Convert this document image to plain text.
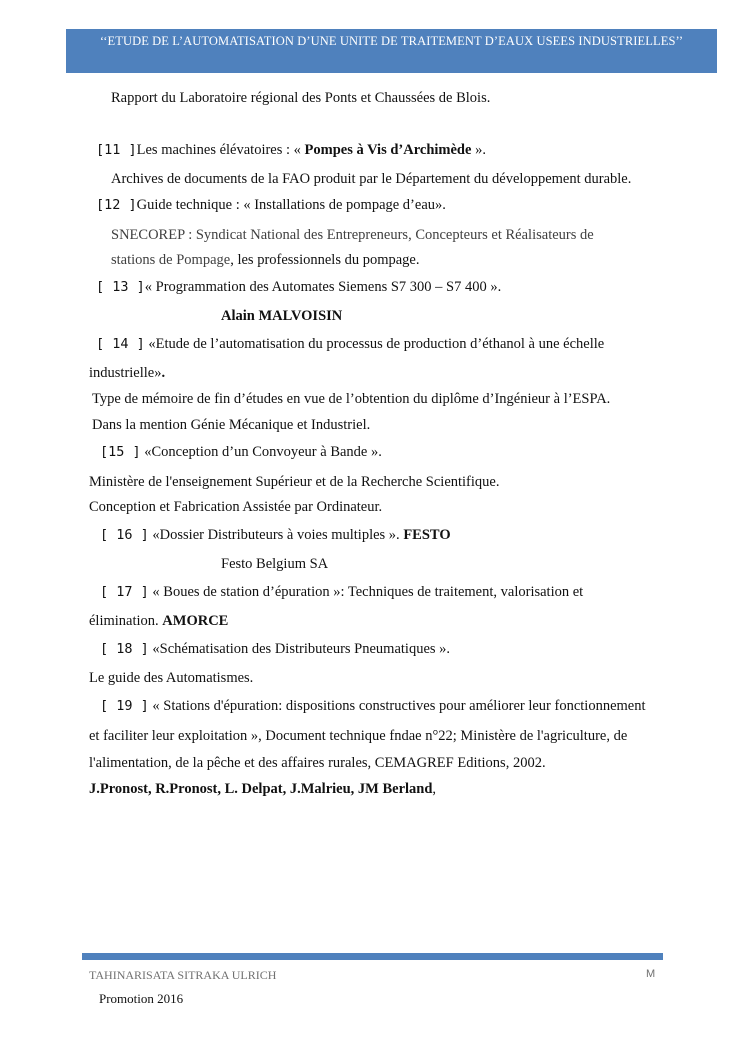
‘‘ETUDE DE L’AUTOMATISATION D’UNE UNITE DE TRAITEMENT D’EAUX USEES INDUSTRIELLES’’
Rapport du Laboratoire régional des Ponts et Chaussées de Blois.
[11 ]Les machines élévatoires : « Pompes à Vis d’Archimède ».
Archives de documents de la FAO produit par le Département du développement durable.
[12 ]Guide technique : « Installations de pompage d’eau».
SNECOREP : Syndicat National des Entrepreneurs, Concepteurs et Réalisateurs de
stations de Pompage, les professionnels du pompage.
[ 13 ]« Programmation des Automates Siemens S7 300 – S7 400 ».
Alain MALVOISIN
[ 14 ] «Etude de l’automatisation du processus de production d’éthanol à une échelle
industrielle».
Type de mémoire de fin d’études en vue de l’obtention du diplôme d’Ingénieur à l’ESPA.
Dans la mention Génie Mécanique et Industriel.
[15 ] «Conception d’un Convoyeur à Bande ».
Ministère de l'enseignement Supérieur et de la Recherche Scientifique.
Conception et Fabrication Assistée par Ordinateur.
[ 16 ] «Dossier Distributeurs à voies multiples ». FESTO
Festo Belgium SA
[ 17 ] « Boues de station d’épuration »: Techniques de traitement, valorisation et
élimination. AMORCE
[ 18 ] «Schématisation des Distributeurs Pneumatiques ».
Le guide des Automatismes.
[ 19 ] « Stations d'épuration: dispositions constructives pour améliorer leur fonctionnement
et faciliter leur exploitation », Document technique fndae n°22; Ministère de l'agriculture, de
l'alimentation, de la pêche et des affaires rurales, CEMAGREF Editions, 2002.
J.Pronost, R.Pronost, L. Delpat, J.Malrieu, JM Berland,
TAHINARISATA SITRAKA ULRICH	M
Promotion 2016
